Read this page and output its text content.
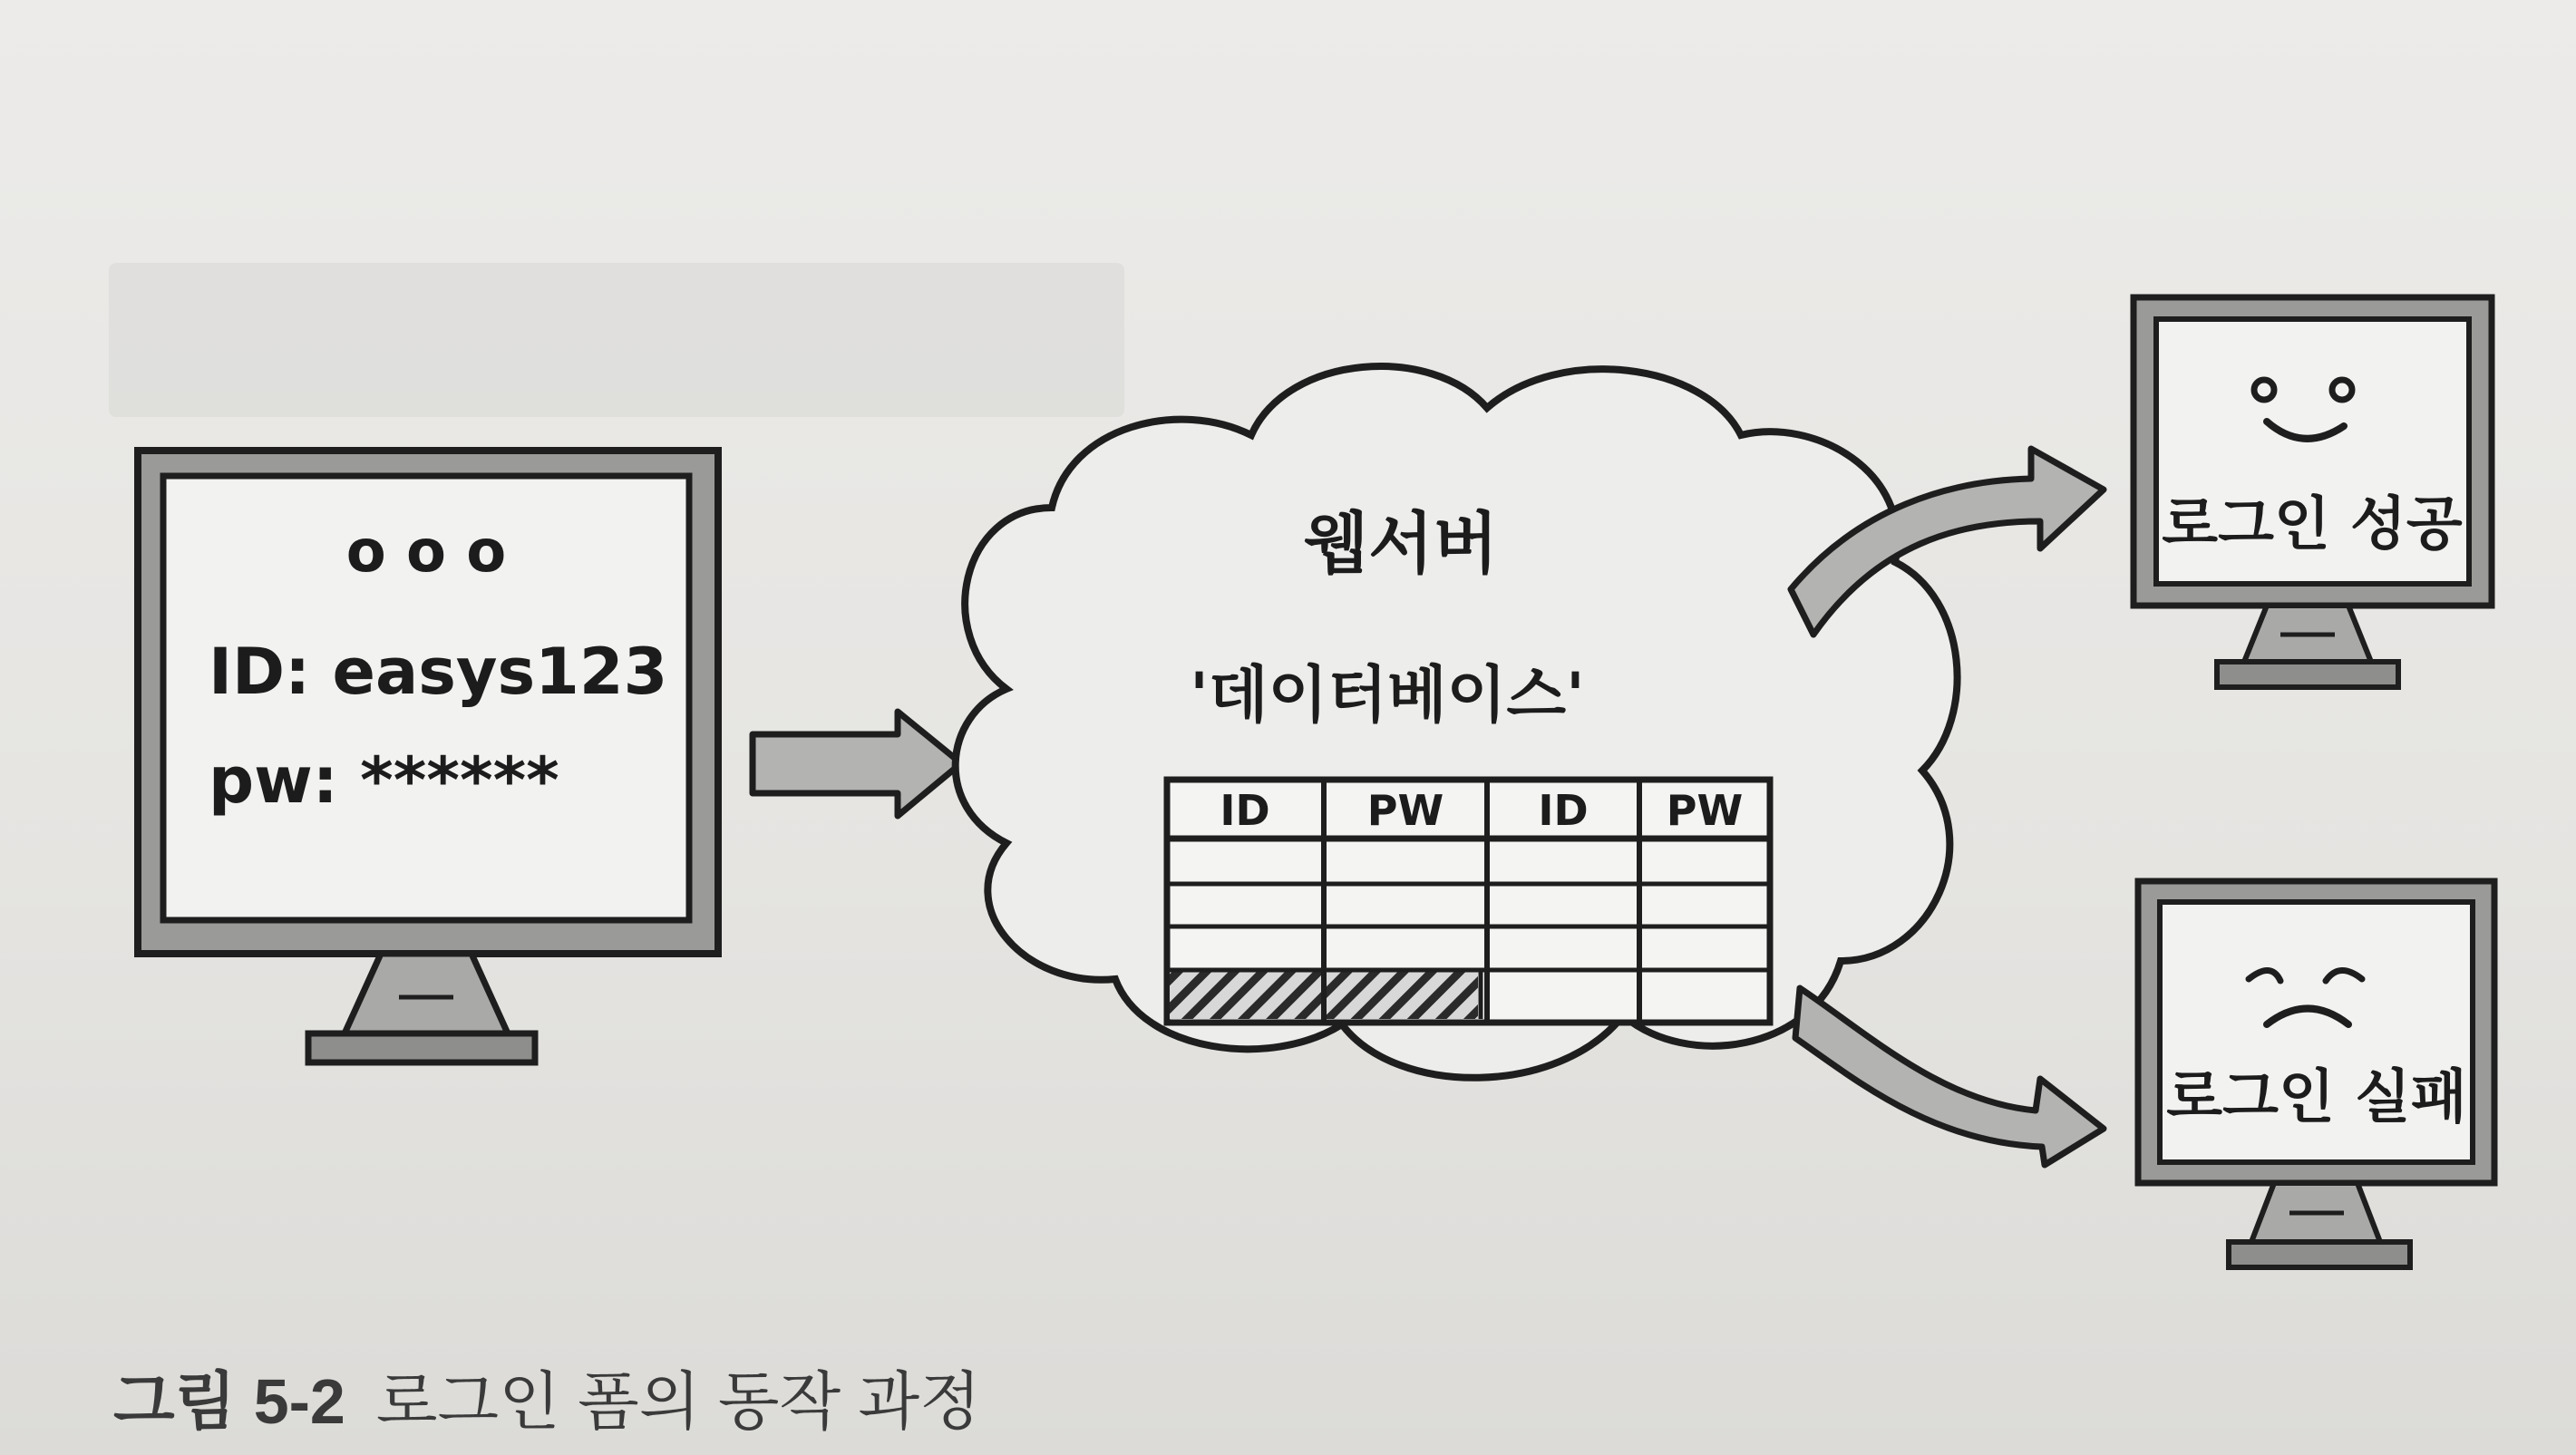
o o o
ID: easys123
pw: ******
웹서버
'데이터베이스'
ID PW ID PW
로그인 성공
로그인 실패
그림 5-2 로그인 폼의 동작 과정
